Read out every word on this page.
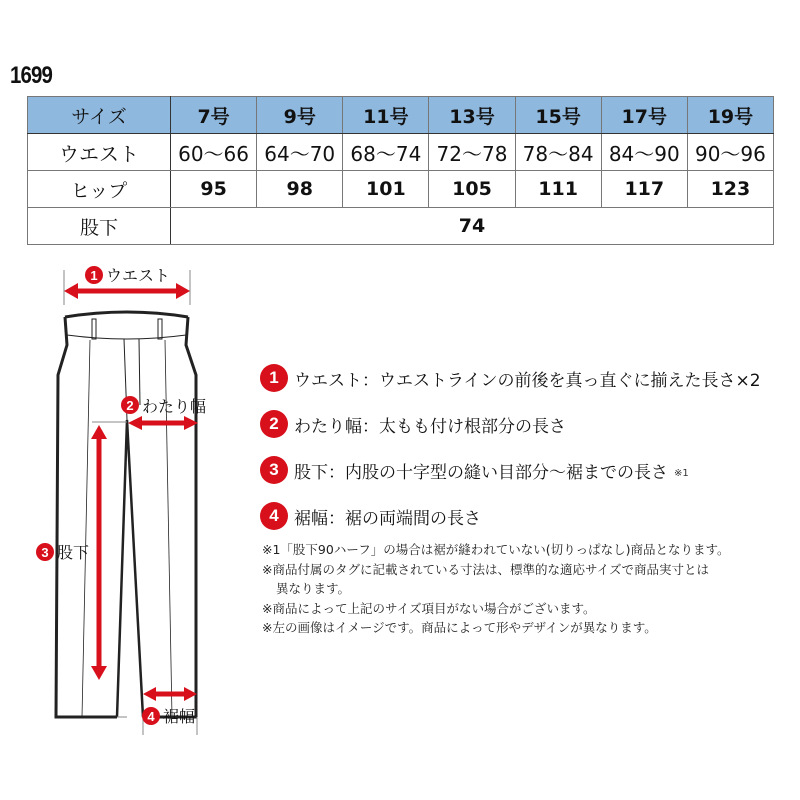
1699
サイズ	7号	9号	11号	13号	15号	17号	19号
ウエスト	60〜66	64〜70	68〜74	72〜78	78〜84	84〜90	90〜96
ヒップ	95	98	101	105	111	117	123
股下	74						
1 ウエスト
2 わたり幅
3 股下
4 裾幅
1 ウエスト ： ウエストラインの前後を真っ直ぐに揃えた長さ×2
2 わたり幅 ： 太もも付け根部分の長さ
3 股下 ： 内股の十字型の縫い目部分〜裾までの長さ ※1
4 裾幅 ： 裾の両端間の長さ
※1「股下90ハーフ」の場合は裾が縫われていない(切りっぱなし)商品となります。
※商品付属のタグに記載されている寸法は、標準的な適応サイズで商品実寸とは
異なります。
※商品によって上記のサイズ項目がない場合がございます。
※左の画像はイメージです。商品によって形やデザインが異なります。
